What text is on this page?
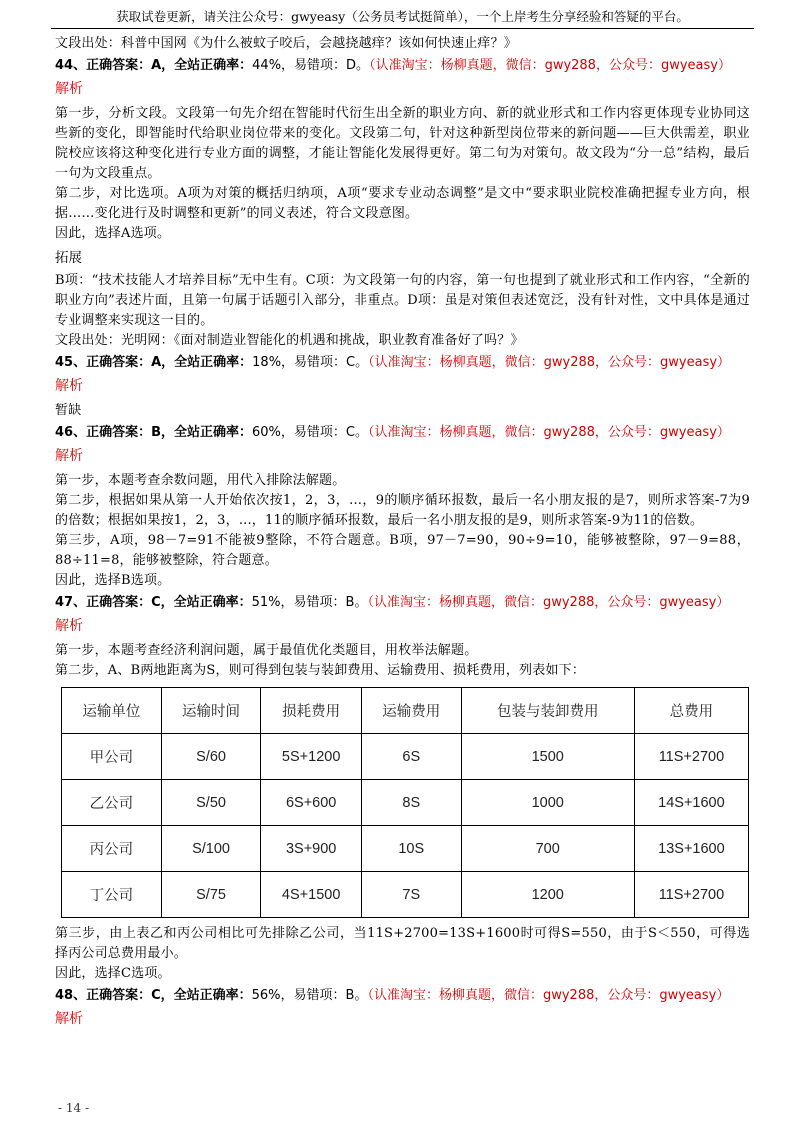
获取试卷更新，请关注公众号：gwyeasy（公务员考试挺简单），一个上岸考生分享经验和答疑的平台。

文段出处：科普中国网《为什么被蚊子咬后，会越挠越痒？该如何快速止痒？》

44、正确答案：A，全站正确率：44%，易错项：D。（认准淘宝：杨柳真题，微信：gwy288，公众号：gwyeasy）

解析

第一步，分析文段。文段第一句先介绍在智能时代衍生出全新的职业方向、新的就业形式和工作内容更体现专业协同这些新的变化，即智能时代给职业岗位带来的变化。文段第二句，针对这种新型岗位带来的新问题——巨大供需差，职业院校应该将这种变化进行专业方面的调整，才能让智能化发展得更好。第二句为对策句。故文段为“分一总”结构，最后一句为文段重点。

第二步，对比选项。A项为对策的概括归纳项，A项“要求专业动态调整”是文中“要求职业院校准确把握专业方向，根据……变化进行及时调整和更新”的同义表述，符合文段意图。

因此，选择A选项。

拓展

B项：“技术技能人才培养目标”无中生有。C项：为文段第一句的内容，第一句也提到了就业形式和工作内容，“全新的职业方向”表述片面，且第一句属于话题引入部分，非重点。D项：虽是对策但表述宽泛，没有针对性，文中具体是通过专业调整来实现这一目的。

文段出处：光明网：《面对制造业智能化的机遇和挑战，职业教育准备好了吗？》

45、正确答案：A，全站正确率：18%，易错项：C。（认准淘宝：杨柳真题，微信：gwy288，公众号：gwyeasy）

解析

暂缺

46、正确答案：B，全站正确率：60%，易错项：C。（认准淘宝：杨柳真题，微信：gwy288，公众号：gwyeasy）

解析

第一步，本题考查余数问题，用代入排除法解题。

第二步，根据如果从第一人开始依次按1，2，3，...，9的顺序循环报数，最后一名小朋友报的是7，则所求答案-7为9的倍数；根据如果按1，2，3，...，11的顺序循环报数，最后一名小朋友报的是9，则所求答案-9为11的倍数。

第三步，A项，98－7=91不能被9整除，不符合题意。B项，97－7=90，90÷9=10，能够被整除，97－9=88，88÷11=8，能够被整除，符合题意。

因此，选择B选项。

47、正确答案：C，全站正确率：51%，易错项：B。（认准淘宝：杨柳真题，微信：gwy288，公众号：gwyeasy）

解析

第一步，本题考查经济利润问题，属于最值优化类题目，用枚举法解题。

第二步，A、B两地距离为S，则可得到包装与装卸费用、运输费用、损耗费用，列表如下：

运输单位	运输时间	损耗费用	运输费用	包装与装卸费用	总费用
甲公司	S/60	5S+1200	6S	1500	11S+2700
乙公司	S/50	6S+600	8S	1000	14S+1600
丙公司	S/100	3S+900	10S	700	13S+1600
丁公司	S/75	4S+1500	7S	1200	11S+2700

第三步，由上表乙和丙公司相比可先排除乙公司，当11S+2700=13S+1600时可得S=550，由于S＜550，可得选择丙公司总费用最小。

因此，选择C选项。

48、正确答案：C，全站正确率：56%，易错项：B。（认准淘宝：杨柳真题，微信：gwy288，公众号：gwyeasy）

解析
- 14 -
